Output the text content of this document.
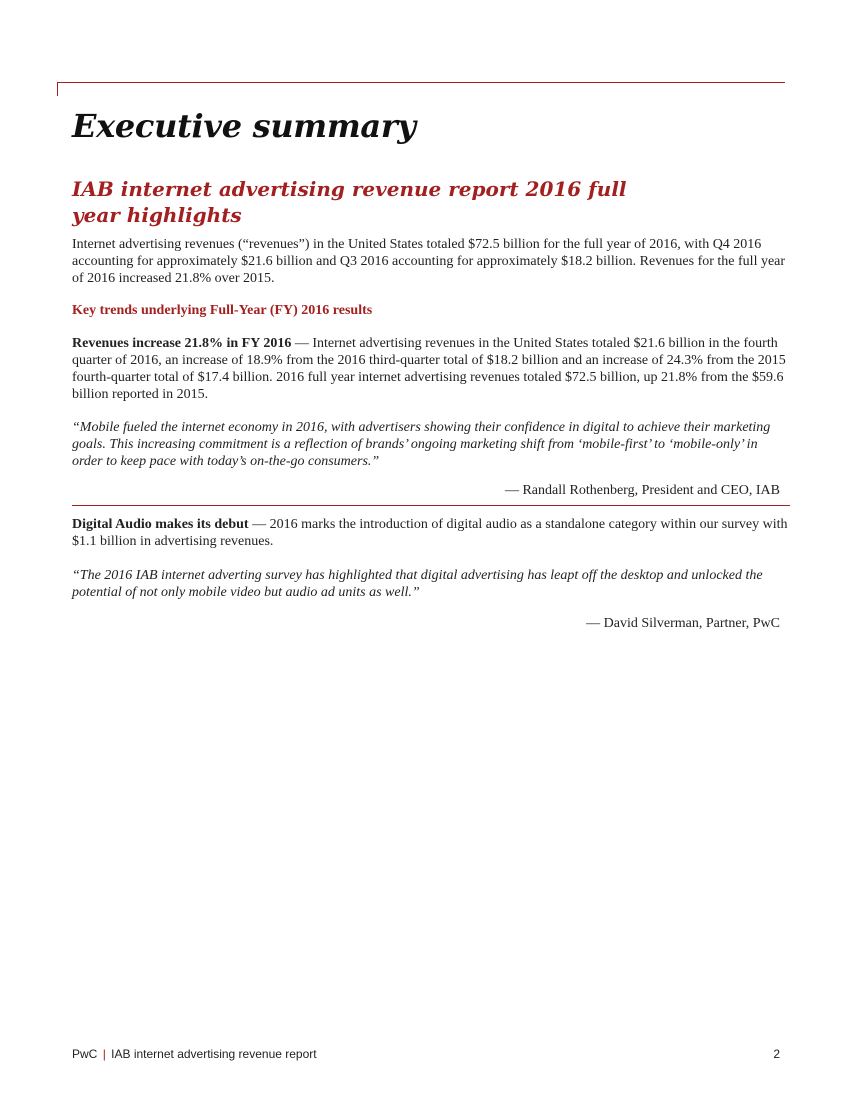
Executive summary
IAB internet advertising revenue report 2016 full year highlights

Internet advertising revenues (“revenues”) in the United States totaled $72.5 billion for the full year of 2016, with Q4 2016 accounting for approximately $21.6 billion and Q3 2016 accounting for approximately $18.2 billion. Revenues for the full year of 2016 increased 21.8% over 2015.

Key trends underlying Full-Year (FY) 2016 results

Revenues increase 21.8% in FY 2016 — Internet advertising revenues in the United States totaled $21.6 billion in the fourth quarter of 2016, an increase of 18.9% from the 2016 third-quarter total of $18.2 billion and an increase of 24.3% from the 2015 fourth-quarter total of $17.4 billion. 2016 full year internet advertising revenues totaled $72.5 billion, up 21.8% from the $59.6 billion reported in 2015.

“Mobile fueled the internet economy in 2016, with advertisers showing their confidence in digital to achieve their marketing goals. This increasing commitment is a reflection of brands’ ongoing marketing shift from ‘mobile-first’ to ‘mobile-only’ in order to keep pace with today’s on-the-go consumers.”

— Randall Rothenberg, President and CEO, IAB

Digital Audio makes its debut — 2016 marks the introduction of digital audio as a standalone category within our survey with $1.1 billion in advertising revenues.

“The 2016 IAB internet adverting survey has highlighted that digital advertising has leapt off the desktop and unlocked the potential of not only mobile video but audio ad units as well.”

— David Silverman, Partner, PwC

PwC | IAB internet advertising revenue report	2
